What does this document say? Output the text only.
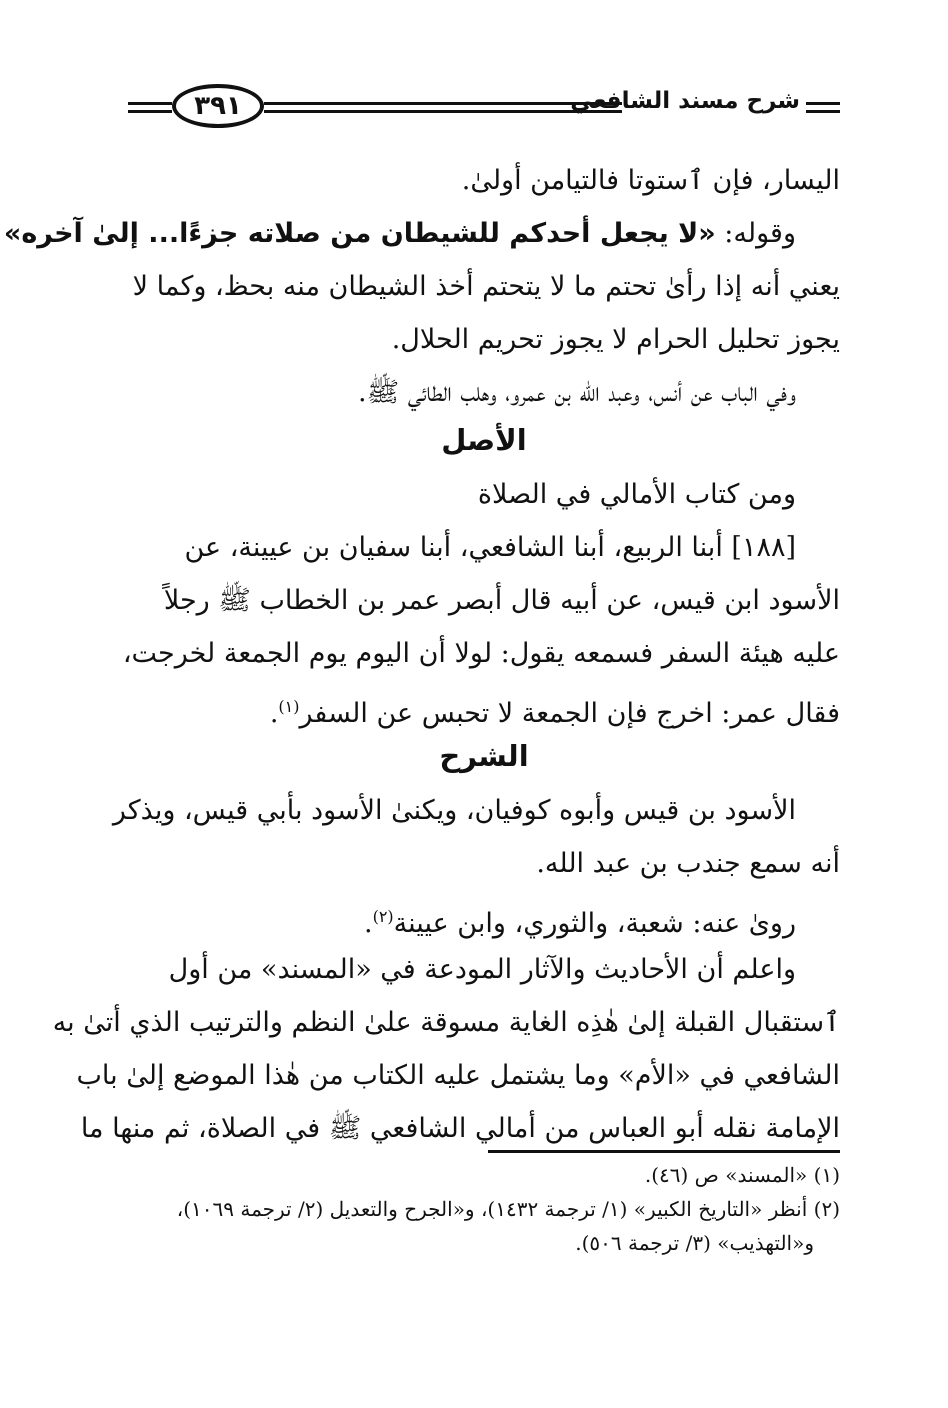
٣٩١	شرح مسند الشافعي
اليسار، فإن ٱستوتا فالتيامن أولىٰ.
وقوله: «لا يجعل أحدكم للشيطان من صلاته جزءًا... إلىٰ آخره»
يعني أنه إذا رأىٰ تحتم ما لا يتحتم أخذ الشيطان منه بحظ، وكما لا
يجوز تحليل الحرام لا يجوز تحريم الحلال.
وفي الباب عن أنس، وعبد الله بن عمرو، وهلب الطائي ﷺ.
الأصل
ومن كتاب الأمالي في الصلاة
[١٨٨] أبنا الربيع، أبنا الشافعي، أبنا سفيان بن عيينة، عن
الأسود ابن قيس، عن أبيه قال أبصر عمر بن الخطاب ﷺ رجلاً
عليه هيئة السفر فسمعه يقول: لولا أن اليوم يوم الجمعة لخرجت،
فقال عمر: اخرج فإن الجمعة لا تحبس عن السفر$^{(١)}$.
الشرح
الأسود بن قيس وأبوه كوفيان، ويكنىٰ الأسود بأبي قيس، ويذكر
أنه سمع جندب بن عبد الله.
رویٰ عنه: شعبة، والثوري، وابن عيينة$^{(٢)}$.
واعلم أن الأحاديث والآثار المودعة في «المسند» من أول
ٱستقبال القبلة إلىٰ هٰذِه الغاية مسوقة علىٰ النظم والترتيب الذي أتىٰ به
الشافعي في «الأم» وما يشتمل عليه الكتاب من هٰذا الموضع إلىٰ باب
الإمامة نقله أبو العباس من أمالي الشافعي ﷺ في الصلاة، ثم منها ما
(١) «المسند» ص (٤٦).
(٢) أنظر «التاريخ الكبير» (١/ ترجمة ١٤٣٢)، و«الجرح والتعديل (٢/ ترجمة ١٠٦٩)،
و«التهذيب» (٣/ ترجمة ٥٠٦).
